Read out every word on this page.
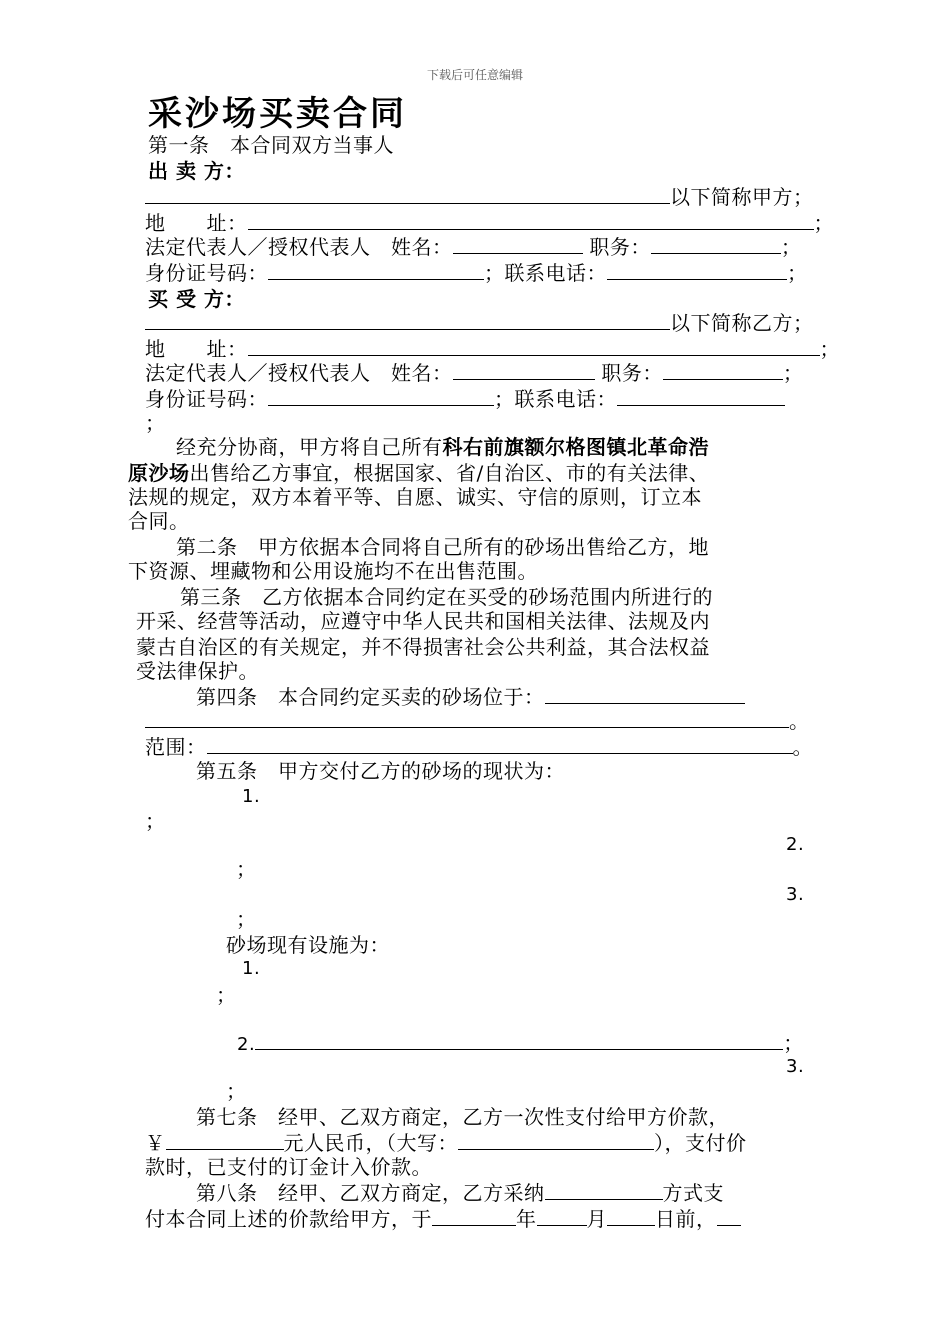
下载后可任意编辑
采沙场买卖合同
第一条　本合同双方当事人
出 卖 方：
以下简称甲方；
地　　址：	；
法定代表人／授权代表人　姓名：	职务：	；
身份证号码：	；联系电话：	；
买 受 方：
以下简称乙方；
地　　址：	；
法定代表人／授权代表人　姓名：	职务：	；
身份证号码：	；联系电话：
；
经充分协商，甲方将自己所有科右前旗额尔格图镇北革命浩
原沙场出售给乙方事宜，根据国家、省/自治区、市的有关法律、
法规的规定，双方本着平等、自愿、诚实、守信的原则，订立本
合同。
第二条　甲方依据本合同将自己所有的砂场出售给乙方，地
下资源、埋藏物和公用设施均不在出售范围。
第三条　乙方依据本合同约定在买受的砂场范围内所进行的
开采、经营等活动，应遵守中华人民共和国相关法律、法规及内
蒙古自治区的有关规定，并不得损害社会公共利益，其合法权益
受法律保护。
第四条　本合同约定买卖的砂场位于：
。
范围：	。
第五条　甲方交付乙方的砂场的现状为：
1.
；
2.
；
3.
；
砂场现有设施为：
1.
；
2.	；
3.
；
第七条　经甲、乙双方商定，乙方一次性支付给甲方价款，
￥	元人民币，（大写：	），支付价
款时，已支付的订金计入价款。
第八条　经甲、乙双方商定，乙方采纳	方式支
付本合同上述的价款给甲方，于	年	月 日前，
